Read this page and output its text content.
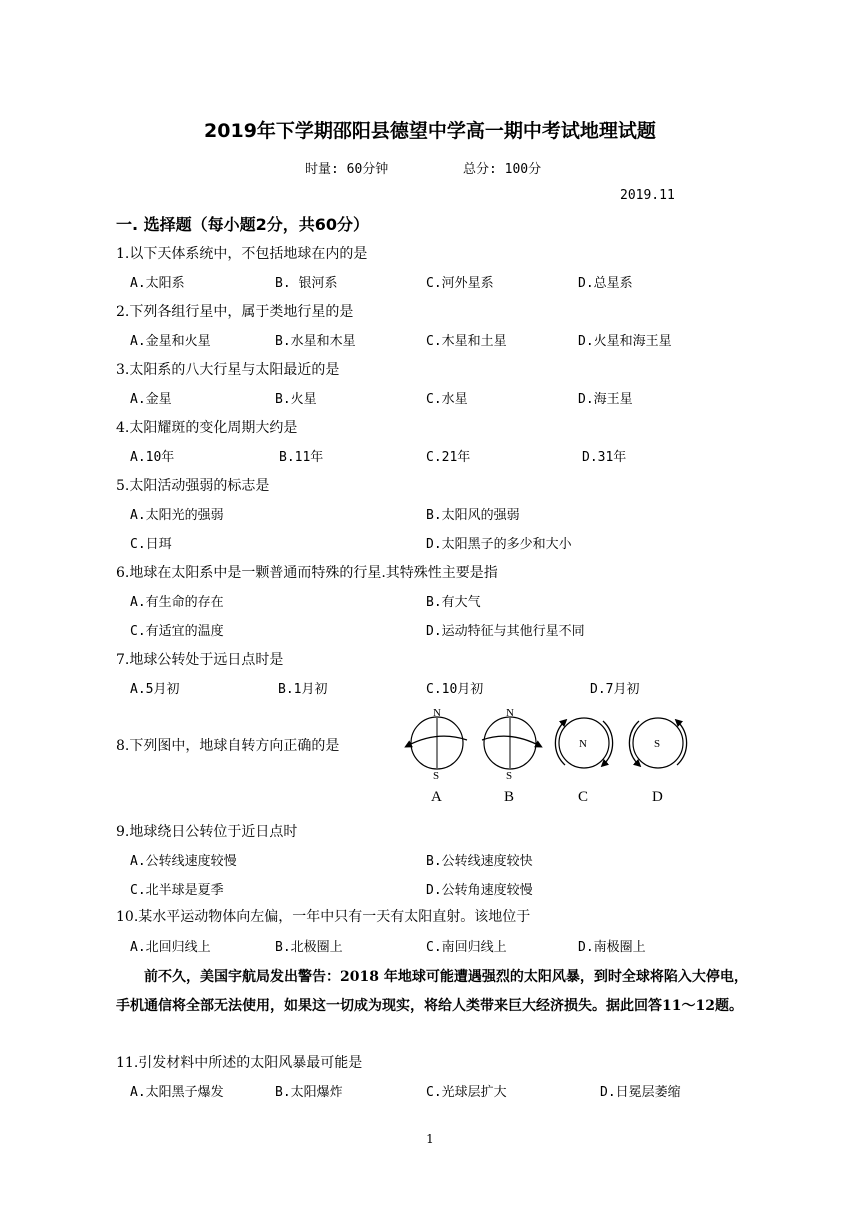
2019年下学期邵阳县德望中学高一期中考试地理试题
时量: 60分钟	总分: 100分
2019.11
一. 选择题（每小题2分，共60分）
1.以下天体系统中，不包括地球在内的是
A.太阳系	B. 银河系	C.河外星系	D.总星系
2.下列各组行星中，属于类地行星的是
A.金星和火星	B.水星和木星	C.木星和土星	D.火星和海王星
3.太阳系的八大行星与太阳最近的是
A.金星	B.火星	C.水星	D.海王星
4.太阳耀斑的变化周期大约是
A.10年	B.11年	C.21年	D.31年
5.太阳活动强弱的标志是
A.太阳光的强弱	B.太阳风的强弱
C.日珥	D.太阳黑子的多少和大小
6.地球在太阳系中是一颗普通而特殊的行星.其特殊性主要是指
A.有生命的存在	B.有大气
C.有适宜的温度	D.运动特征与其他行星不同
7.地球公转处于远日点时是
A.5月初	B.1月初	C.10月初	D.7月初
8.下列图中，地球自转方向正确的是
N
S
N
S
N	S
A	B	C	D
9.地球绕日公转位于近日点时
A.公转线速度较慢	B.公转线速度较快
C.北半球是夏季	D.公转角速度较慢
10.某水平运动物体向左偏，一年中只有一天有太阳直射。该地位于
A.北回归线上	B.北极圈上	C.南回归线上	D.南极圈上
前不久，美国宇航局发出警告：2018 年地球可能遭遇强烈的太阳风暴，到时全球将陷入大停电，手机通信将全部无法使用，如果这一切成为现实，将给人类带来巨大经济损失。据此回答11～12题。
11.引发材料中所述的太阳风暴最可能是
A.太阳黑子爆发	B.太阳爆炸	C.光球层扩大	D.日冕层萎缩
1
